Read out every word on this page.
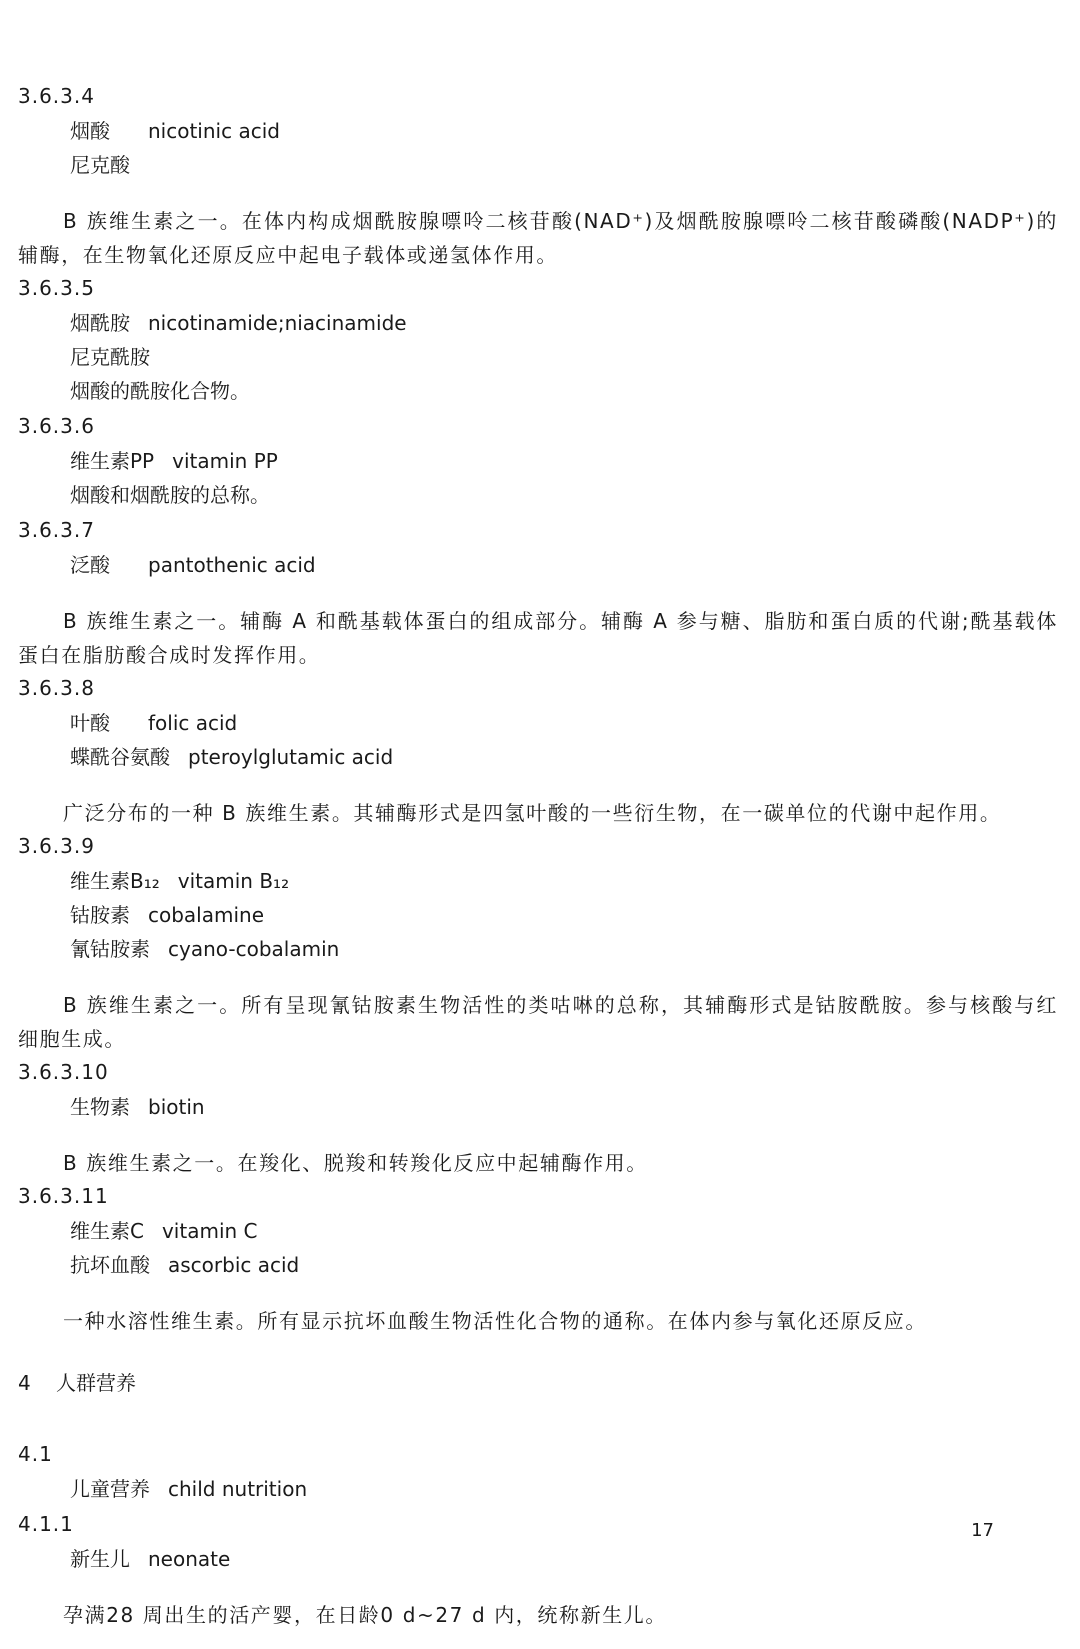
3.6.3.4
烟酸 nicotinic acid
尼克酸

B 族维生素之一。在体内构成烟酰胺腺嘌呤二核苷酸(NAD⁺)及烟酰胺腺嘌呤二核苷酸磷酸(NADP⁺)的辅酶，在生物氧化还原反应中起电子载体或递氢体作用。

3.6.3.5
烟酰胺 nicotinamide;niacinamide
尼克酰胺
烟酸的酰胺化合物。
3.6.3.6
维生素PP vitamin PP
烟酸和烟酰胺的总称。
3.6.3.7
泛酸 pantothenic acid

B 族维生素之一。辅酶 A 和酰基载体蛋白的组成部分。辅酶 A 参与糖、脂肪和蛋白质的代谢;酰基载体蛋白在脂肪酸合成时发挥作用。

3.6.3.8
叶酸 folic acid
蝶酰谷氨酸 pteroylglutamic acid

广泛分布的一种 B 族维生素。其辅酶形式是四氢叶酸的一些衍生物，在一碳单位的代谢中起作用。

3.6.3.9
维生素B₁₂ vitamin B₁₂
钴胺素 cobalamine
氰钴胺素 cyano-cobalamin

B 族维生素之一。所有呈现氰钴胺素生物活性的类咕啉的总称，其辅酶形式是钴胺酰胺。参与核酸与红细胞生成。

3.6.3.10
生物素 biotin

B 族维生素之一。在羧化、脱羧和转羧化反应中起辅酶作用。

3.6.3.11
维生素C vitamin C
抗坏血酸 ascorbic acid

一种水溶性维生素。所有显示抗坏血酸生物活性化合物的通称。在体内参与氧化还原反应。

4 人群营养
4.1
儿童营养 child nutrition
4.1.1
新生儿 neonate

孕满28 周出生的活产婴，在日龄0 d~27 d 内，统称新生儿。

17
